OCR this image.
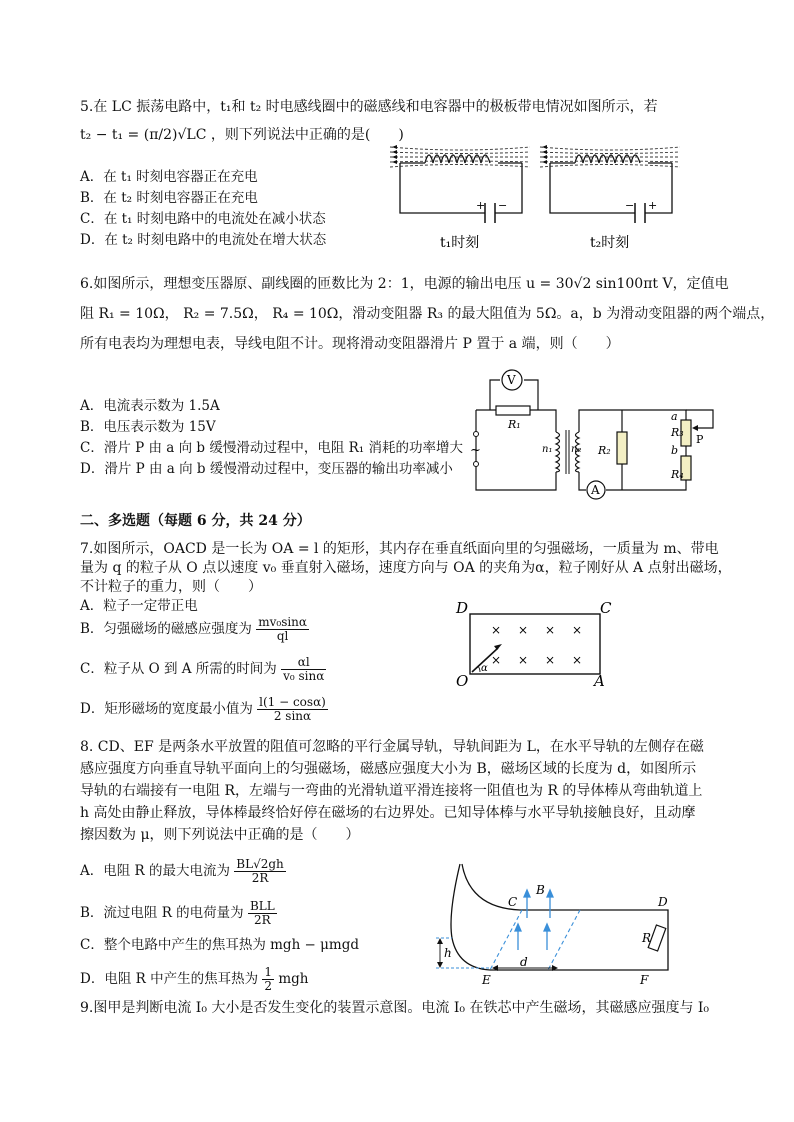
5.在 LC 振荡电路中，t₁和 t₂ 时电感线圈中的磁感线和电容器中的极板带电情况如图所示，若
t₂ − t₁ = (π/2)√LC ，则下列说法中正确的是(　　)
A．在 t₁ 时刻电容器正在充电
B．在 t₂ 时刻电容器正在充电
C．在 t₁ 时刻电路中的电流处在减小状态
D．在 t₂ 时刻电路中的电流处在增大状态
+ −
t₁时刻
− +
t₂时刻
6.如图所示，理想变压器原、副线圈的匝数比为 2：1，电源的输出电压 u = 30√2 sin100πt V，定值电
阻 R₁ = 10Ω， R₂ = 7.5Ω， R₄ = 10Ω，滑动变阻器 R₃ 的最大阻值为 5Ω。a，b 为滑动变阻器的两个端点，
所有电表均为理想电表，导线电阻不计。现将滑动变阻器滑片 P 置于 a 端，则（　　）
A．电流表示数为 1.5A
B．电压表示数为 15V
C．滑片 P 由 a 向 b 缓慢滑动过程中，电阻 R₁ 消耗的功率增大
D．滑片 P 由 a 向 b 缓慢滑动过程中，变压器的输出功率减小
R₁
V
~	n₁ n₂
A
R₂
a
R₃
b
P
R₄
二、多选题（每题 6 分，共 24 分）
7.如图所示，OACD 是一长为 OA = l 的矩形，其内存在垂直纸面向里的匀强磁场，一质量为 m、带电
量为 q 的粒子从 O 点以速度 v₀ 垂直射入磁场，速度方向与 OA 的夹角为α，粒子刚好从 A 点射出磁场，
不计粒子的重力，则（　　）
A．粒子一定带正电
B．匀强磁场的磁感应强度为 $\frac{\text{mv₀sinα}}{ql}$
C．粒子从 O 到 A 所需的时间为 $\frac{\alpha l}{\text{v₀ sinα}}$
D．矩形磁场的宽度最小值为 $\frac{l(1 - \cos\alpha)}{2 \sin\alpha}$
D	C
O	A
× × × ×
× × × ×
α
8. CD、EF 是两条水平放置的阻值可忽略的平行金属导轨，导轨间距为 L，在水平导轨的左侧存在磁
感应强度方向垂直导轨平面向上的匀强磁场，磁感应强度大小为 B，磁场区域的长度为 d，如图所示
导轨的右端接有一电阻 R，左端与一弯曲的光滑轨道平滑连接将一阻值也为 R 的导体棒从弯曲轨道上
h 高处由静止释放，导体棒最终恰好停在磁场的右边界处。已知导体棒与水平导轨接触良好，且动摩
擦因数为 μ，则下列说法中正确的是（　　）
A．电阻 R 的最大电流为 $\frac{BL√2gh}{2R}$
B．流过电阻 R 的电荷量为 $\frac{\text{BLL}}{2R}$
C．整个电路中产生的焦耳热为 mgh − μmgd
D．电阻 R 中产生的焦耳热为 $\frac{1}{2}$ mgh
C
B
D
R
E
d
F
h
9.图甲是判断电流 I₀ 大小是否发生变化的装置示意图。电流 I₀ 在铁芯中产生磁场，其磁感应强度与 I₀
